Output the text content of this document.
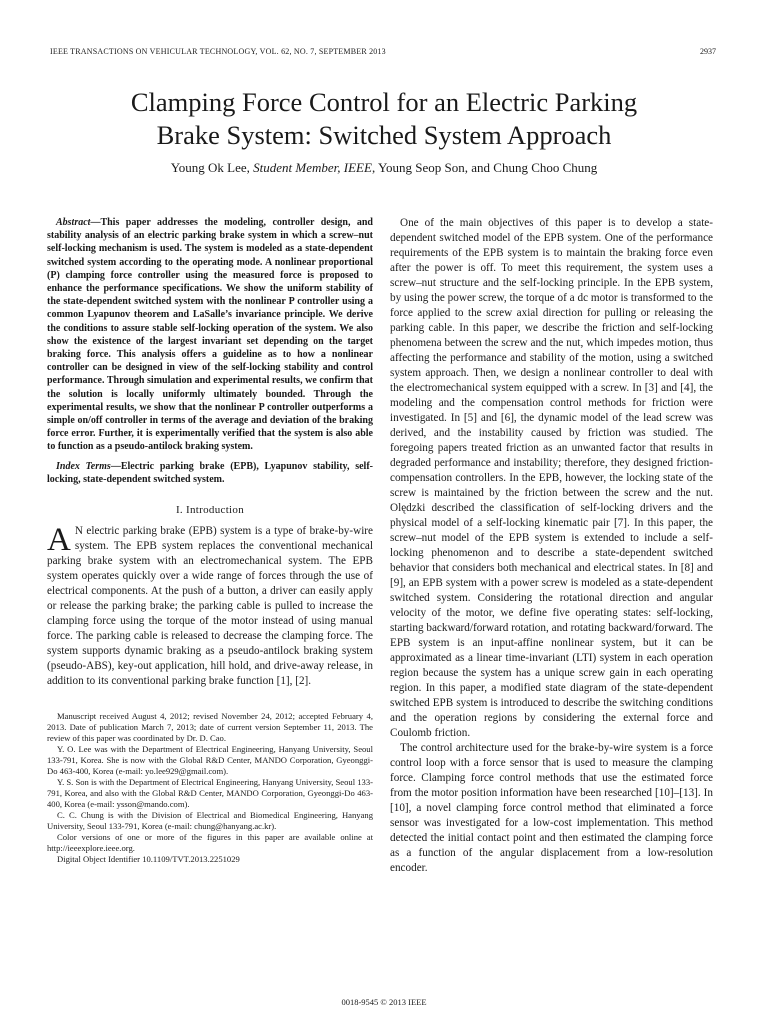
IEEE TRANSACTIONS ON VEHICULAR TECHNOLOGY, VOL. 62, NO. 7, SEPTEMBER 2013	2937
Clamping Force Control for an Electric Parking
Brake System: Switched System Approach
Young Ok Lee, Student Member, IEEE, Young Seop Son, and Chung Choo Chung

Abstract—This paper addresses the modeling, controller design, and stability analysis of an electric parking brake system in which a screw–nut self-locking mechanism is used. The system is modeled as a state-dependent switched system according to the operating mode. A nonlinear proportional (P) clamping force controller using the measured force is proposed to enhance the performance specifications. We show the uniform stability of the state-dependent switched system with the nonlinear P controller using a common Lyapunov theorem and LaSalle’s invariance principle. We derive the conditions to assure stable self-locking operation of the system. We also show the existence of the largest invariant set depending on the target braking force. This analysis offers a guideline as to how a nonlinear controller can be designed in view of the self-locking stability and control performance. Through simulation and experimental results, we confirm that the solution is locally uniformly ultimately bounded. Through the experimental results, we show that the nonlinear P controller outperforms a simple on/off controller in terms of the average and deviation of the braking force error. Further, it is experimentally verified that the system is also able to function as a pseudo-antilock braking system.

Index Terms—Electric parking brake (EPB), Lyapunov stability, self-locking, state-dependent switched system.

I. Introduction

A N electric parking brake (EPB) system is a type of brake-by-wire system. The EPB system replaces the conventional mechanical parking brake system with an electromechanical system. The EPB system operates quickly over a wide range of forces through the use of electrical components. At the push of a button, a driver can easily apply or release the parking brake; the parking cable is pulled to increase the clamping force using the torque of the motor instead of using manual force. The parking cable is released to decrease the clamping force. The system supports dynamic braking as a pseudo-antilock braking system (pseudo-ABS), key-out application, hill hold, and drive-away release, in addition to its conventional parking brake function [1], [2].

Manuscript received August 4, 2012; revised November 24, 2012; accepted February 4, 2013. Date of publication March 7, 2013; date of current version September 11, 2013. The review of this paper was coordinated by Dr. D. Cao.

Y. O. Lee was with the Department of Electrical Engineering, Hanyang University, Seoul 133-791, Korea. She is now with the Global R&D Center, MANDO Corporation, Gyeonggi-Do 463-400, Korea (e-mail: yo.lee929@gmail.com).

Y. S. Son is with the Department of Electrical Engineering, Hanyang University, Seoul 133-791, Korea, and also with the Global R&D Center, MANDO Corporation, Gyeonggi-Do 463-400, Korea (e-mail: ysson@mando.com).

C. C. Chung is with the Division of Electrical and Biomedical Engineering, Hanyang University, Seoul 133-791, Korea (e-mail: chung@hanyang.ac.kr).

Color versions of one or more of the figures in this paper are available online at http://ieeexplore.ieee.org.

Digital Object Identifier 10.1109/TVT.2013.2251029

One of the main objectives of this paper is to develop a state-dependent switched model of the EPB system. One of the performance requirements of the EPB system is to maintain the braking force even after the power is off. To meet this requirement, the system uses a screw–nut structure and the self-locking principle. In the EPB system, by using the power screw, the torque of a dc motor is transformed to the force applied to the screw axial direction for pulling or releasing the parking cable. In this paper, we describe the friction and self-locking phenomena between the screw and the nut, which impedes motion, thus affecting the performance and stability of the motion, using a switched system approach. Then, we design a nonlinear controller to deal with the electromechanical system equipped with a screw. In [3] and [4], the modeling and the compensation control methods for friction were investigated. In [5] and [6], the dynamic model of the lead screw was derived, and the instability caused by friction was studied. The foregoing papers treated friction as an unwanted factor that results in degraded performance and instability; therefore, they designed friction-compensation controllers. In the EPB, however, the locking state of the screw is maintained by the friction between the screw and the nut. Olędzki described the classification of self-locking drivers and the physical model of a self-locking kinematic pair [7]. In this paper, the screw–nut model of the EPB system is extended to include a self-locking phenomenon and to describe a state-dependent switched behavior that considers both mechanical and electrical states. In [8] and [9], an EPB system with a power screw is modeled as a state-dependent switched system. Considering the rotational direction and angular velocity of the motor, we define five operating states: self-locking, starting backward/forward rotation, and rotating backward/forward. The EPB system is an input-affine nonlinear system, but it can be approximated as a linear time-invariant (LTI) system in each operation region because the system has a unique screw gain in each operating region. In this paper, a modified state diagram of the state-dependent switched EPB system is introduced to describe the switching conditions and the operation regions by considering the external force and Coulomb friction.

The control architecture used for the brake-by-wire system is a force control loop with a force sensor that is used to measure the clamping force. Clamping force control methods that use the estimated force from the motor position information have been researched [10]–[13]. In [10], a novel clamping force control method that eliminated a force sensor was investigated for a low-cost implementation. This method detected the initial contact point and then estimated the clamping force as a function of the angular displacement from a low-resolution encoder.

0018-9545 © 2013 IEEE
